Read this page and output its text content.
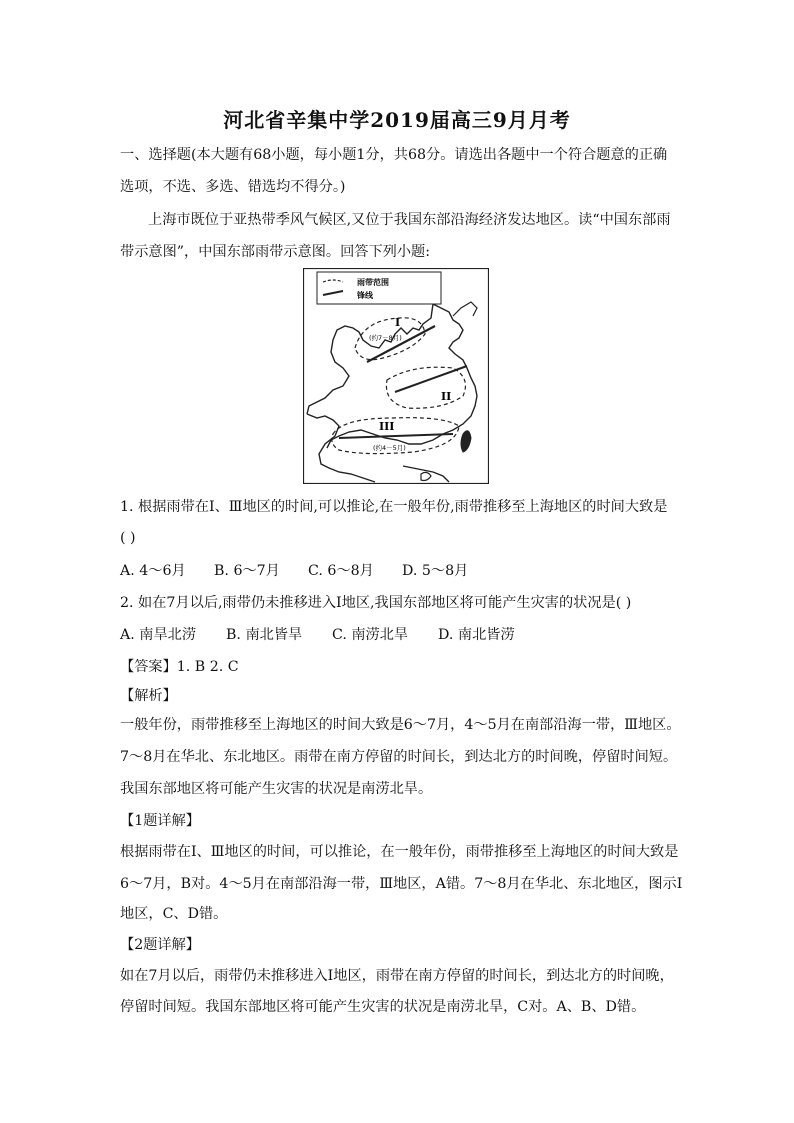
河北省辛集中学2019届高三9月月考
一、选择题(本大题有68小题，每小题1分，共68分。请选出各题中一个符合题意的正确
选项，不选、多选、错选均不得分。)
上海市既位于亚热带季风气候区,又位于我国东部沿海经济发达地区。读“中国东部雨
带示意图”，中国东部雨带示意图。回答下列小题:
雨带范围
锋线
I
(约7－8月)
II
III
(约4－5月)
1. 根据雨带在Ⅰ、Ⅲ地区的时间,可以推论,在一般年份,雨带推移至上海地区的时间大致是
( )
A. 4～6月 B. 6～7月 C. 6～8月 D. 5～8月
2. 如在7月以后,雨带仍未推移进入I地区,我国东部地区将可能产生灾害的状况是( )
A. 南旱北涝 B. 南北皆旱 C. 南涝北旱 D. 南北皆涝
【答案】1. B 2. C
【解析】
一般年份，雨带推移至上海地区的时间大致是6～7月，4～5月在南部沿海一带，Ⅲ地区。
7～8月在华北、东北地区。雨带在南方停留的时间长，到达北方的时间晚，停留时间短。
我国东部地区将可能产生灾害的状况是南涝北旱。
【1题详解】
根据雨带在Ⅰ、Ⅲ地区的时间，可以推论，在一般年份，雨带推移至上海地区的时间大致是
6～7月，B对。4～5月在南部沿海一带，Ⅲ地区，A错。7～8月在华北、东北地区，图示Ⅰ
地区，C、D错。
【2题详解】
如在7月以后，雨带仍未推移进入Ⅰ地区，雨带在南方停留的时间长，到达北方的时间晚，
停留时间短。我国东部地区将可能产生灾害的状况是南涝北旱，C对。A、B、D错。
